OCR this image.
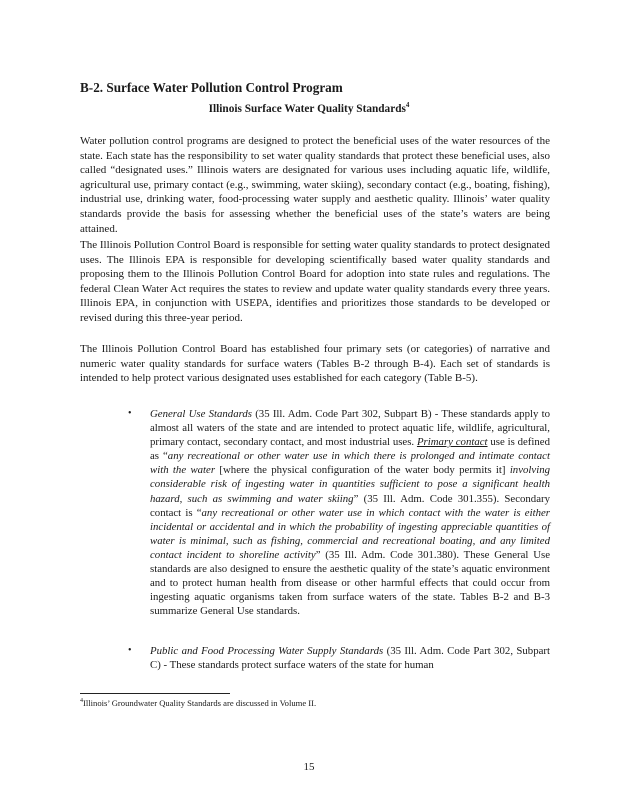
B-2. Surface Water Pollution Control Program
Illinois Surface Water Quality Standards$^4$

Water pollution control programs are designed to protect the beneficial uses of the water resources of the state. Each state has the responsibility to set water quality standards that protect these beneficial uses, also called “designated uses.” Illinois waters are designated for various uses including aquatic life, wildlife, agricultural use, primary contact (e.g., swimming, water skiing), secondary contact (e.g., boating, fishing), industrial use, drinking water, food-processing water supply and aesthetic quality. Illinois’ water quality standards provide the basis for assessing whether the beneficial uses of the state’s waters are being attained.

The Illinois Pollution Control Board is responsible for setting water quality standards to protect designated uses. The Illinois EPA is responsible for developing scientifically based water quality standards and proposing them to the Illinois Pollution Control Board for adoption into state rules and regulations. The federal Clean Water Act requires the states to review and update water quality standards every three years. Illinois EPA, in conjunction with USEPA, identifies and prioritizes those standards to be developed or revised during this three-year period.

The Illinois Pollution Control Board has established four primary sets (or categories) of narrative and numeric water quality standards for surface waters (Tables B-2 through B-4). Each set of standards is intended to help protect various designated uses established for each category (Table B-5).

• General Use Standards (35 Ill. Adm. Code Part 302, Subpart B) - These standards apply to almost all waters of the state and are intended to protect aquatic life, wildlife, agricultural, primary contact, secondary contact, and most industrial uses. Primary contact use is defined as “any recreational or other water use in which there is prolonged and intimate contact with the water [where the physical configuration of the water body permits it] involving considerable risk of ingesting water in quantities sufficient to pose a significant health hazard, such as swimming and water skiing” (35 Ill. Adm. Code 301.355). Secondary contact is “any recreational or other water use in which contact with the water is either incidental or accidental and in which the probability of ingesting appreciable quantities of water is minimal, such as fishing, commercial and recreational boating, and any limited contact incident to shoreline activity” (35 Ill. Adm. Code 301.380). These General Use standards are also designed to ensure the aesthetic quality of the state’s aquatic environment and to protect human health from disease or other harmful effects that could occur from ingesting aquatic organisms taken from surface waters of the state. Tables B-2 and B-3 summarize General Use standards.

• Public and Food Processing Water Supply Standards (35 Ill. Adm. Code Part 302, Subpart C) - These standards protect surface waters of the state for human

$^4$Illinois’ Groundwater Quality Standards are discussed in Volume II.
15
